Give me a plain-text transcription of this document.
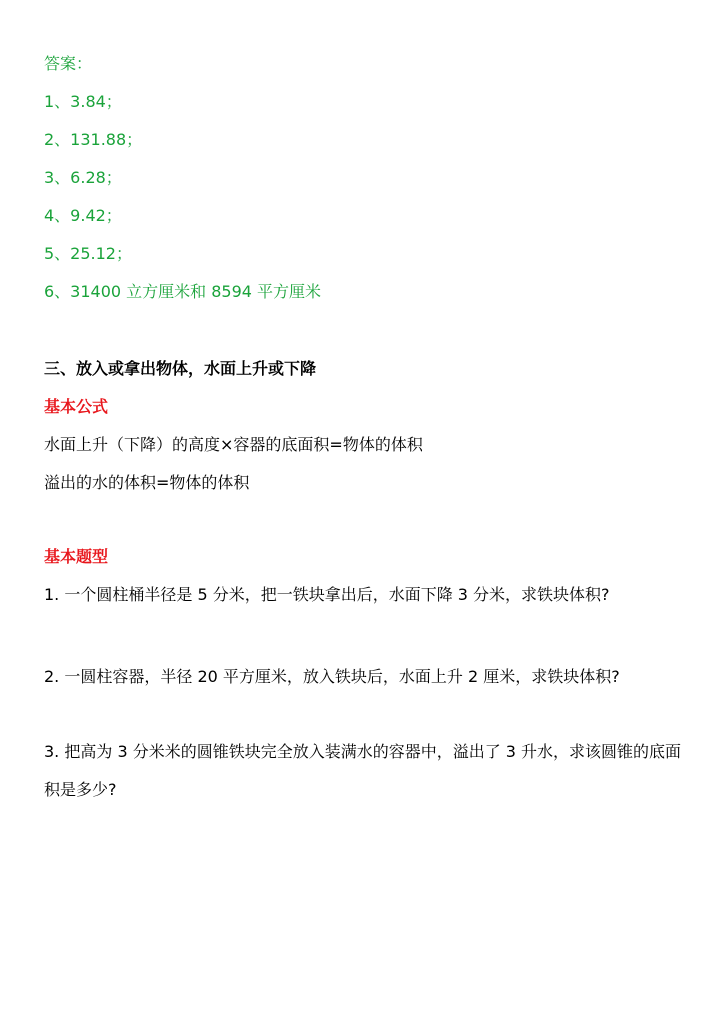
答案：
1、3.84；
2、131.88；
3、6.28；
4、9.42；
5、25.12；
6、31400 立方厘米和 8594 平方厘米
三、放入或拿出物体，水面上升或下降
基本公式
水面上升（下降）的高度×容器的底面积=物体的体积
溢出的水的体积=物体的体积
基本题型
1. 一个圆柱桶半径是 5 分米，把一铁块拿出后，水面下降 3 分米，求铁块体积?
2. 一圆柱容器，半径 20 平方厘米，放入铁块后，水面上升 2 厘米，求铁块体积?
3. 把高为 3 分米米的圆锥铁块完全放入装满水的容器中，溢出了 3 升水，求该圆锥的底面积是多少?
